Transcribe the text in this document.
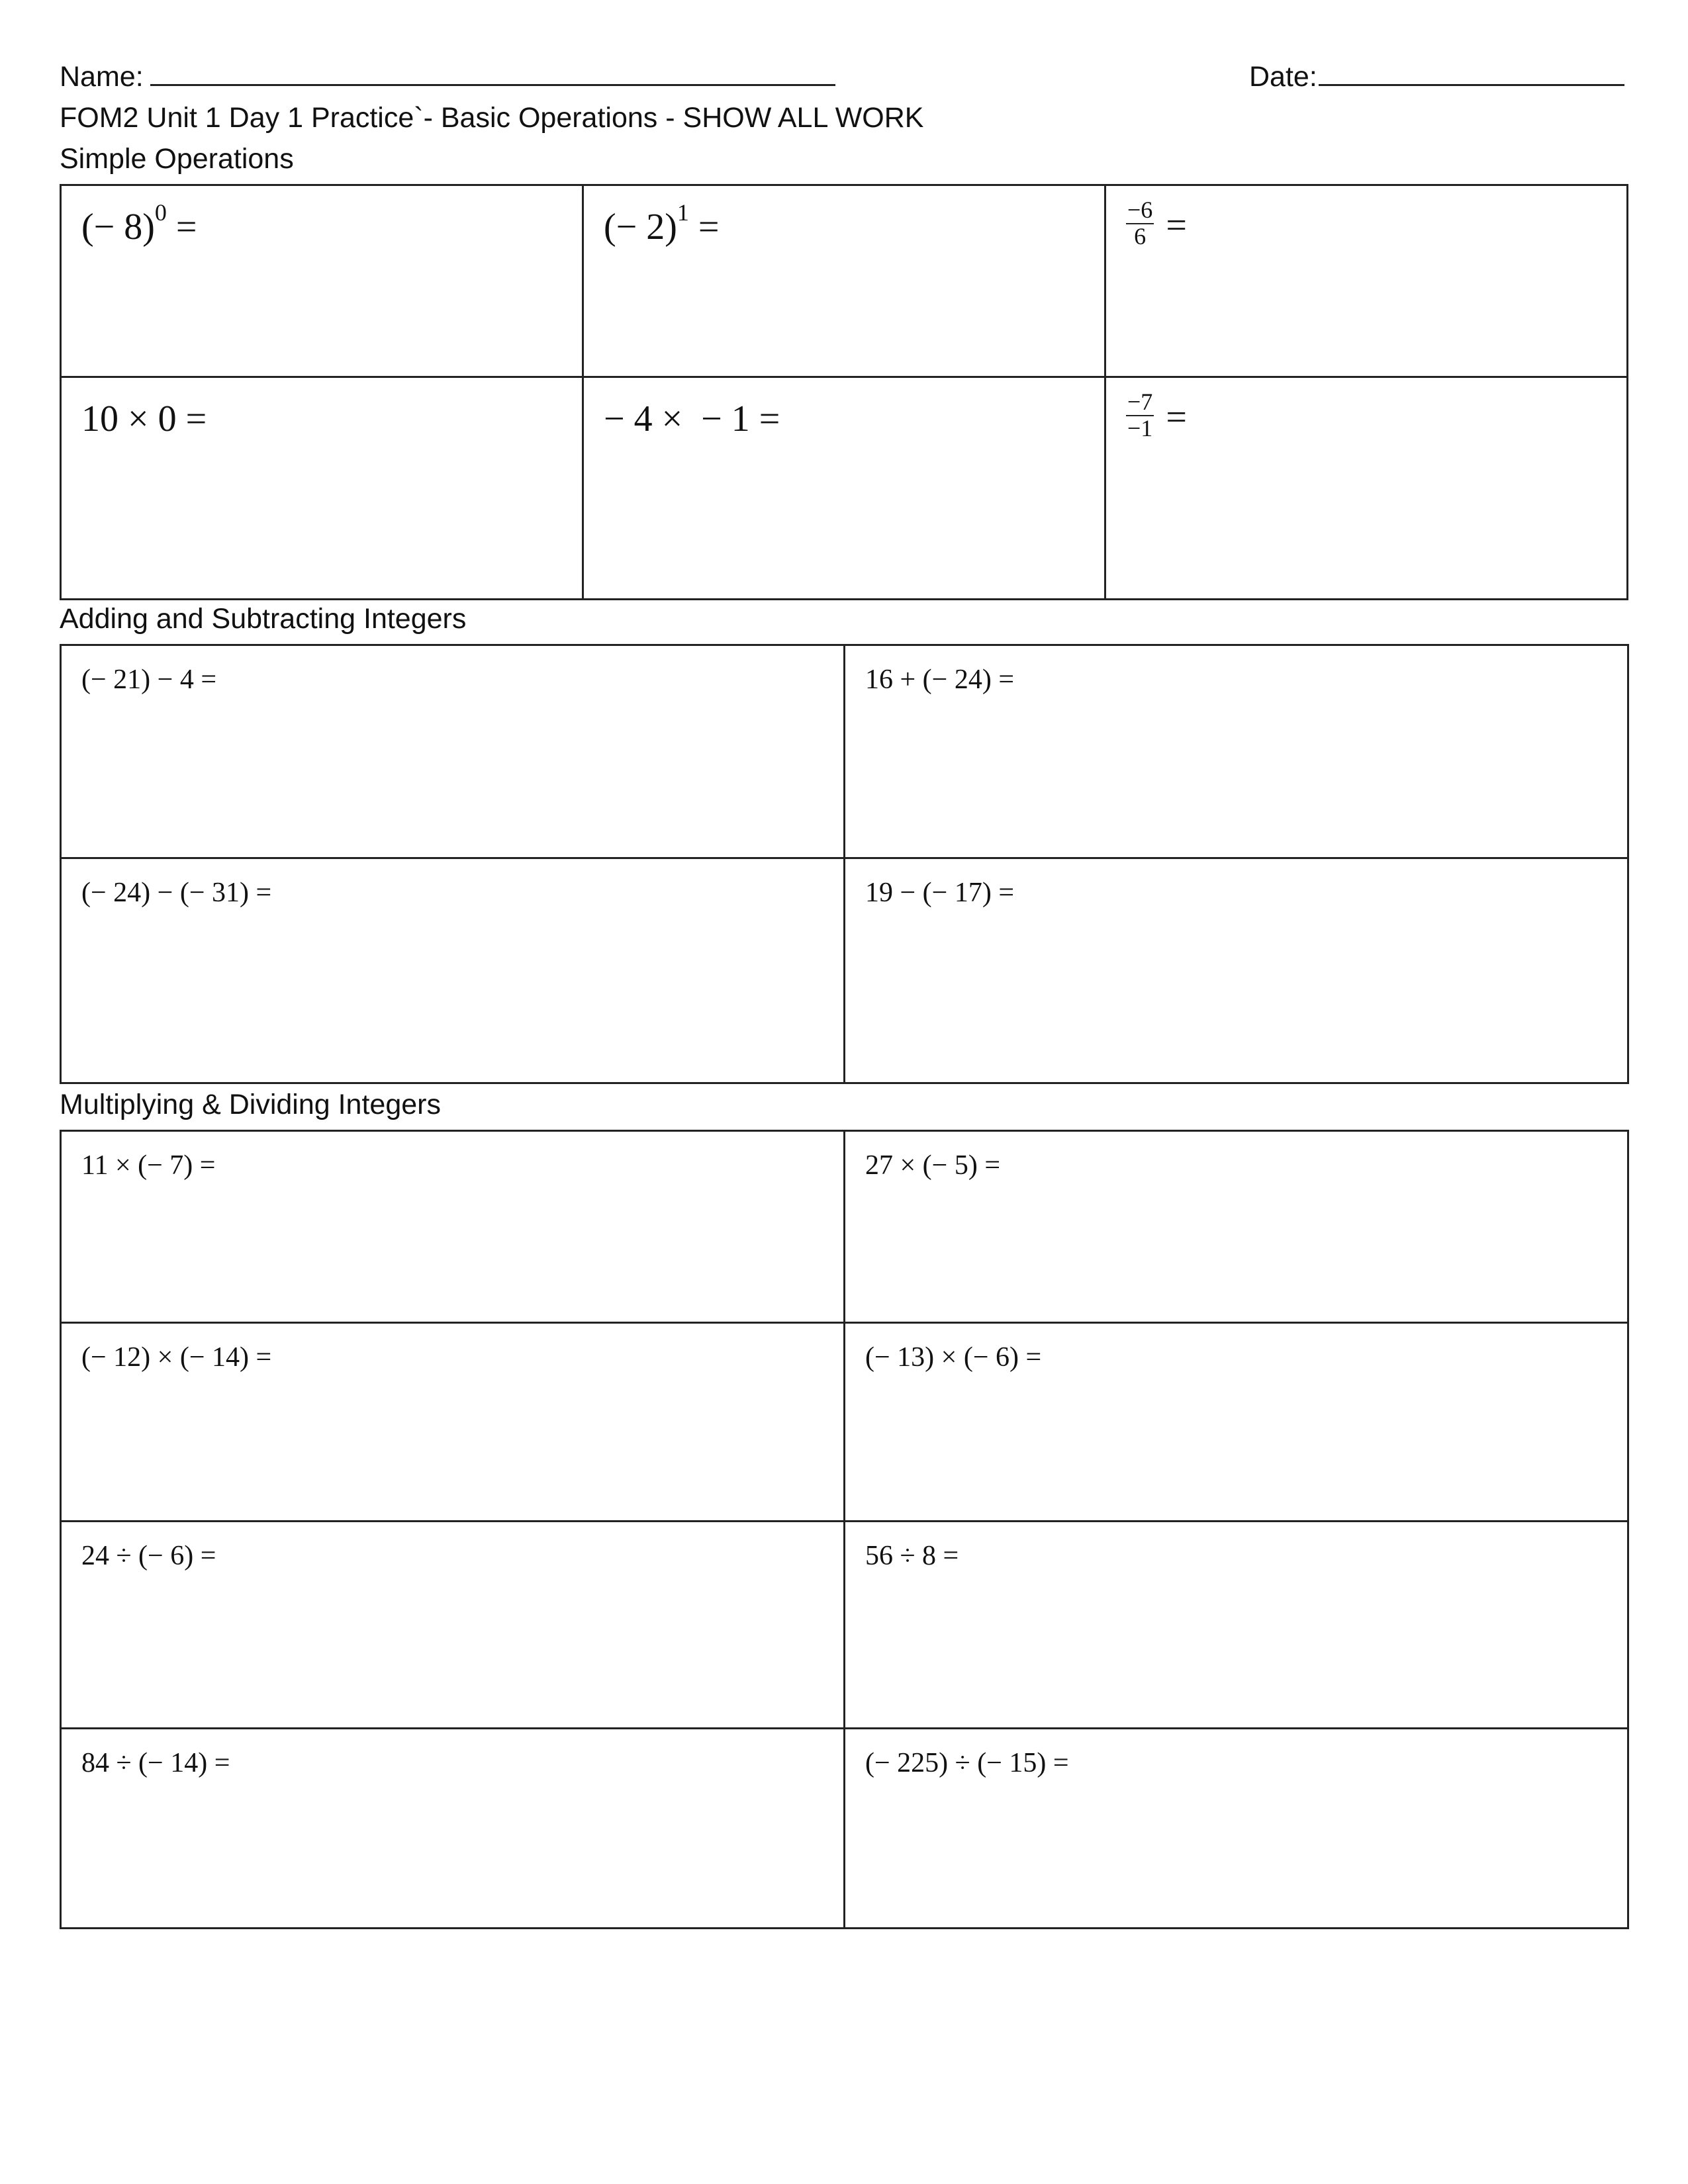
Name:	Date:
FOM2 Unit 1 Day 1 Practice`- Basic Operations - SHOW ALL WORK
Simple Operations
(− 8)$^0$ =	(− 2)$^1$ =	$\frac{-6}{6}$ =

10 × 0 =	− 4 ×  − 1 =	$\frac{-7}{-1}$ =
Adding and Subtracting Integers
(− 21) − 4 =	16 + (− 24) =

(− 24) − (− 31) =	19 − (− 17) =
Multiplying & Dividing Integers
11 × (− 7) =	27 × (− 5) =

(− 12) × (− 14) =	(− 13) × (− 6) =

24 ÷ (− 6) =	56 ÷ 8 =

84 ÷ (− 14) =	(− 225) ÷ (− 15) =
